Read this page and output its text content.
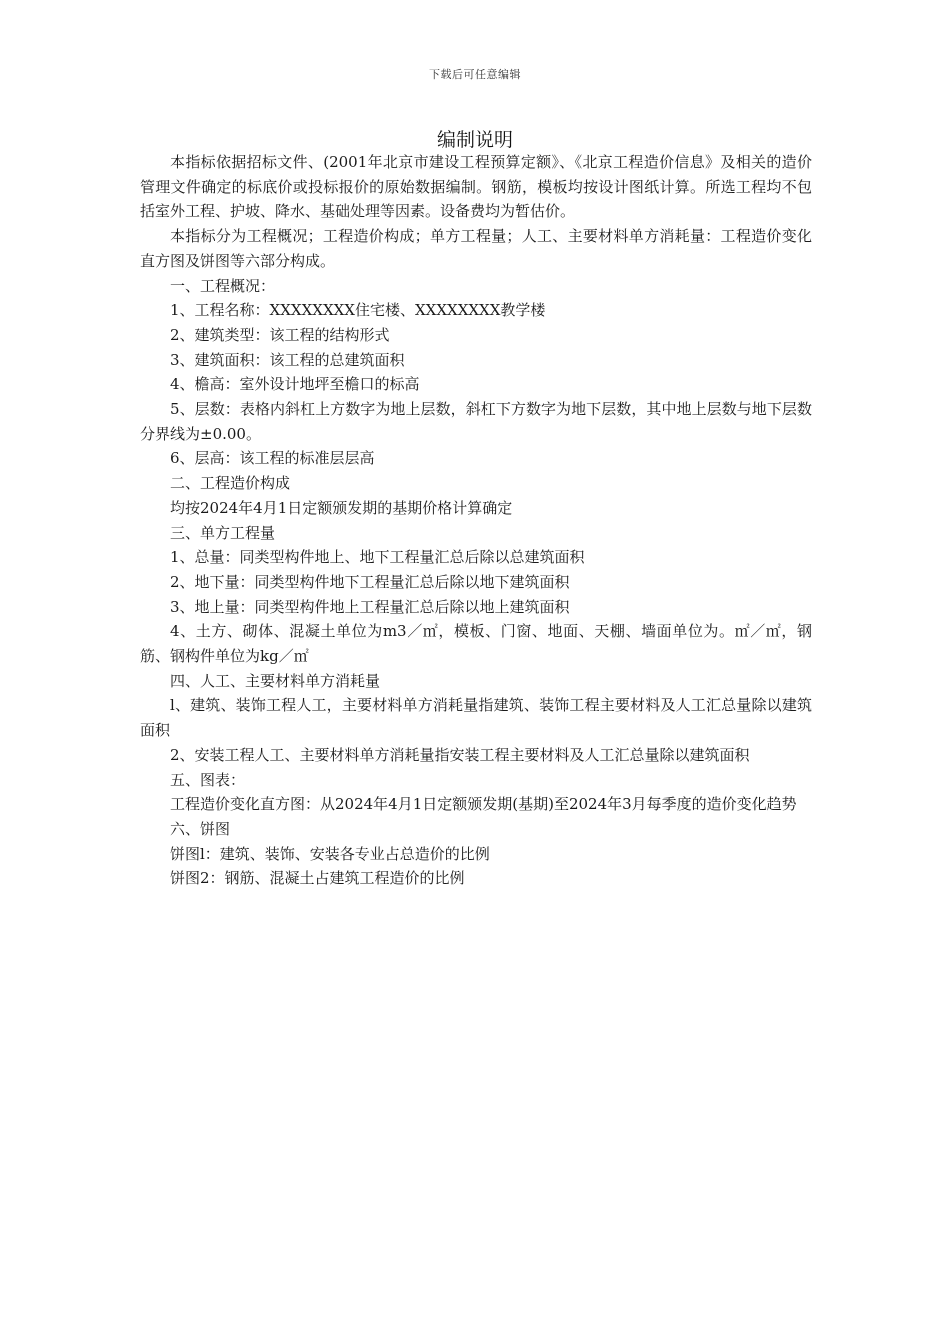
下载后可任意编辑
编制说明

本指标依据招标文件、(2001年北京市建设工程预算定额》、《北京工程造价信息》及相关的造价管理文件确定的标底价或投标报价的原始数据编制。钢筋，模板均按设计图纸计算。所选工程均不包括室外工程、护坡、降水、基础处理等因素。设备费均为暂估价。

本指标分为工程概况；工程造价构成；单方工程量；人工、主要材料单方消耗量：工程造价变化直方图及饼图等六部分构成。

一、工程概况：

1、工程名称：XXXXXXXX住宅楼、XXXXXXXX教学楼

2、建筑类型：该工程的结构形式

3、建筑面积：该工程的总建筑面积

4、檐高：室外设计地坪至檐口的标高

5、层数：表格内斜杠上方数字为地上层数，斜杠下方数字为地下层数，其中地上层数与地下层数分界线为±0.00。

6、层高：该工程的标准层层高

二、工程造价构成

均按2024年4月1日定额颁发期的基期价格计算确定

三、单方工程量

1、总量：同类型构件地上、地下工程量汇总后除以总建筑面积

2、地下量：同类型构件地下工程量汇总后除以地下建筑面积

3、地上量：同类型构件地上工程量汇总后除以地上建筑面积

4、土方、砌体、混凝土单位为m3／㎡，模板、门窗、地面、天棚、墙面单位为。㎡／㎡，钢筋、钢构件单位为kg／㎡

四、人工、主要材料单方消耗量

l、建筑、装饰工程人工，主要材料单方消耗量指建筑、装饰工程主要材料及人工汇总量除以建筑面积

2、安装工程人工、主要材料单方消耗量指安装工程主要材料及人工汇总量除以建筑面积

五、图表：

工程造价变化直方图：从2024年4月1日定额颁发期(基期)至2024年3月每季度的造价变化趋势

六、饼图

饼图l：建筑、装饰、安装各专业占总造价的比例

饼图2：钢筋、混凝土占建筑工程造价的比例
